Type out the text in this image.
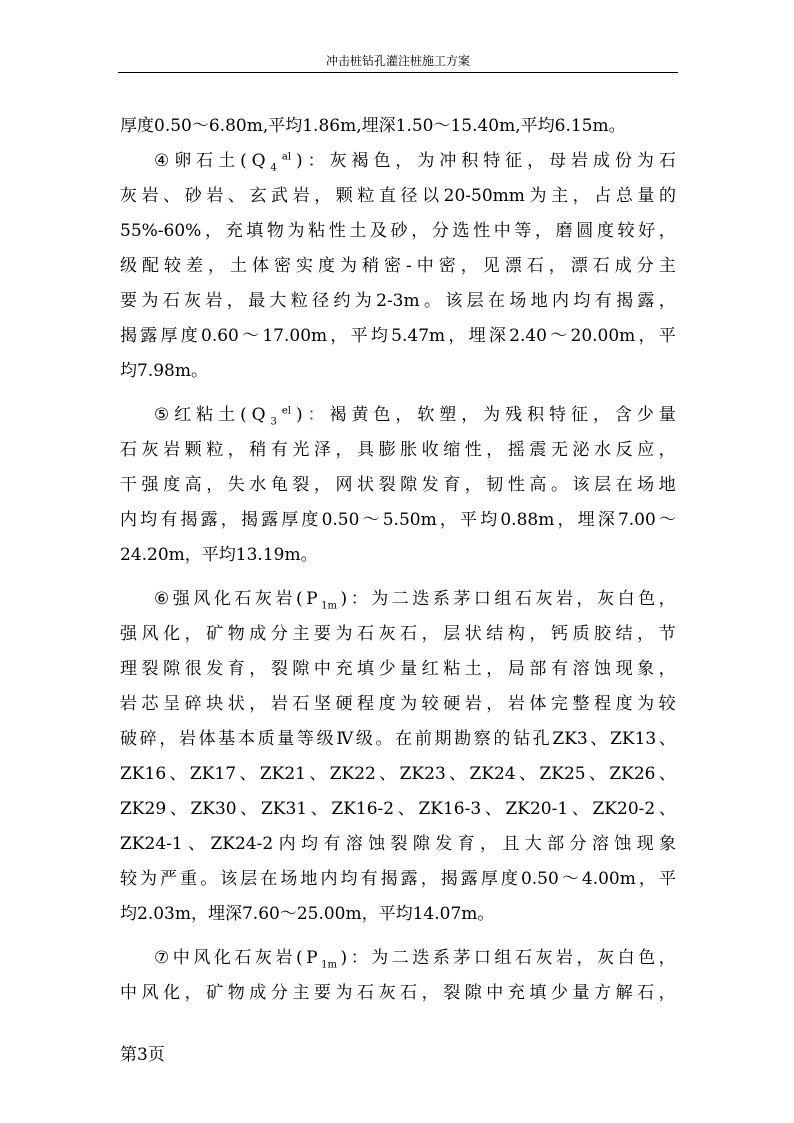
冲击桩钻孔灌注桩施工方案
厚度0.50～6.80m,平均1.86m,埋深1.50～15.40m,平均6.15m。
④ 卵 石 土 ( Q $_4$
$^{al}$ ) ： 灰 褐 色 ， 为 冲 积 特 征 ， 母 岩 成 份 为 石
灰 岩 、 砂 岩 、 玄 武 岩 ， 颗 粒 直 径 以 20-50mm 为 主 ， 占 总 量 的
55%-60% ， 充 填 物 为 粘 性 土 及 砂 ， 分 选 性 中 等 ， 磨 圆 度 较 好 ，
级 配 较 差 ， 土 体 密 实 度 为 稍 密 - 中 密 ， 见 漂 石 ， 漂 石 成 分 主
要 为 石 灰 岩 ， 最 大 粒 径 约 为 2-3m 。 该 层 在 场 地 内 均 有 揭 露 ，
揭 露 厚 度 0.60 ～ 17.00m ， 平 均 5.47m ， 埋 深 2.40 ～ 20.00m ， 平
均7.98m。
⑤ 红 粘 土 ( Q $_3$
$^{el}$ ) ： 褐 黄 色 ， 软 塑 ， 为 残 积 特 征 ， 含 少 量
石 灰 岩 颗 粒 ， 稍 有 光 泽 ， 具 膨 胀 收 缩 性 ， 摇 震 无 泌 水 反 应 ，
干 强 度 高 ， 失 水 龟 裂 ， 网 状 裂 隙 发 育 ， 韧 性 高 。 该 层 在 场 地
内 均 有 揭 露 ， 揭 露 厚 度 0.50 ～ 5.50m ， 平 均 0.88m ， 埋 深 7.00 ～
24.20m，平均13.19m。
⑥ 强 风 化 石 灰 岩 ( P $_{1m}$ ) ： 为 二 迭 系 茅 口 组 石 灰 岩 ， 灰 白 色 ，
强 风 化 ， 矿 物 成 分 主 要 为 石 灰 石 ， 层 状 结 构 ， 钙 质 胶 结 ， 节
理 裂 隙 很 发 育 ， 裂 隙 中 充 填 少 量 红 粘 土 ， 局 部 有 溶 蚀 现 象 ，
岩 芯 呈 碎 块 状 ， 岩 石 坚 硬 程 度 为 较 硬 岩 ， 岩 体 完 整 程 度 为 较
破 碎 ， 岩 体 基 本 质 量 等 级 Ⅳ 级 。 在 前 期 勘 察 的 钻 孔 ZK3 、 ZK13 、
ZK16 、 ZK17 、 ZK21 、 ZK22 、 ZK23 、 ZK24 、 ZK25 、 ZK26 、
ZK29 、 ZK30 、 ZK31 、 ZK16-2 、 ZK16-3 、 ZK20-1 、 ZK20-2 、
ZK24-1 、 ZK24-2 内 均 有 溶 蚀 裂 隙 发 育 ， 且 大 部 分 溶 蚀 现 象
较 为 严 重 。 该 层 在 场 地 内 均 有 揭 露 ， 揭 露 厚 度 0.50 ～ 4.00m ， 平
均2.03m，埋深7.60～25.00m，平均14.07m。
⑦ 中 风 化 石 灰 岩 ( P $_{1m}$ ) ： 为 二 迭 系 茅 口 组 石 灰 岩 ， 灰 白 色 ，
中 风 化 ， 矿 物 成 分 主 要 为 石 灰 石 ， 裂 隙 中 充 填 少 量 方 解 石 ，
第3页
